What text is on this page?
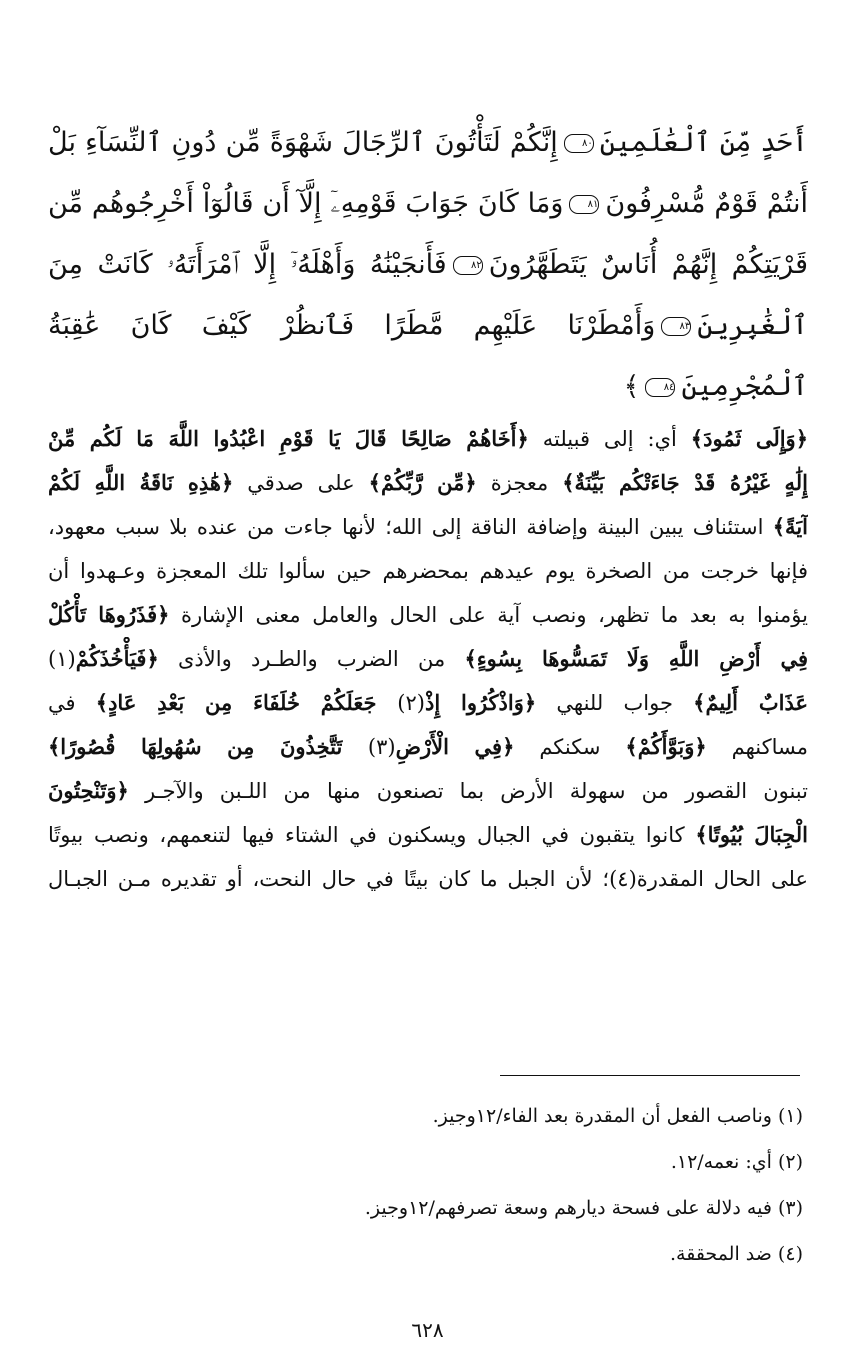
أَحَدٍ مِّنَ ٱلْعَٰلَمِينَ٨٠إِنَّكُمْ لَتَأْتُونَ ٱلرِّجَالَ شَهْوَةً مِّن دُونِ ٱلنِّسَآءِ بَلْ
أَنتُمْ قَوْمٌ مُّسْرِفُونَ٨١وَمَا كَانَ جَوَابَ قَوْمِهِۦٓ إِلَّآ أَن قَالُوٓاْ أَخْرِجُوهُم مِّن
قَرْيَتِكُمْ إِنَّهُمْ أُنَاسٌ يَتَطَهَّرُونَ٨٢فَأَنجَيْنَٰهُ وَأَهْلَهُۥٓ إِلَّا ٱمْرَأَتَهُۥ كَانَتْ مِنَ
ٱلْغَٰبِرِينَ٨٣وَأَمْطَرْنَا عَلَيْهِم مَّطَرًا فَٱنظُرْ كَيْفَ كَانَ عَٰقِبَةُ
ٱلْمُجْرِمِينَ٨٤﴾
﴿وَإِلَى ثَمُودَ﴾ أي: إلى قبيلته ﴿أَخَاهُمْ صَالِحًا قَالَ يَا قَوْمِ اعْبُدُوا اللَّهَ مَا لَكُم مِّنْ
إِلَٰهٍ غَيْرُهُ قَدْ جَاءَتْكُم بَيِّنَةٌ﴾ معجزة ﴿مِّن رَّبِّكُمْ﴾ على صدقي ﴿هَٰذِهِ نَاقَةُ اللَّهِ لَكُمْ
آيَةً﴾ استئناف يبين البينة وإضافة الناقة إلى الله؛ لأنها جاءت من عنده بلا سبب معهود،
فإنها خرجت من الصخرة يوم عيدهم بمحضرهم حين سألوا تلك المعجزة وعـهدوا أن
يؤمنوا به بعد ما تظهر، ونصب آية على الحال والعامل معنى الإشارة ﴿فَذَرُوهَا تَأْكُلْ
فِي أَرْضِ اللَّهِ وَلَا تَمَسُّوهَا بِسُوءٍ﴾ من الضرب والطـرد والأذى ﴿فَيَأْخُذَكُمْ(١)
عَذَابٌ أَلِيمٌ﴾ جواب للنهي ﴿وَاذْكُرُوا إِذْ(٢) جَعَلَكُمْ خُلَفَاءَ مِن بَعْدِ عَادٍ﴾ في
مساكنهم ﴿وَبَوَّأَكُمْ﴾ سكنكم ﴿فِي الْأَرْضِ(٣) تَتَّخِذُونَ مِن سُهُولِهَا قُصُورًا﴾
تبنون القصور من سهولة الأرض بما تصنعون منها من اللـبن والآجـر ﴿وَتَنْحِتُونَ
الْجِبَالَ بُيُوتًا﴾ كانوا يتقبون في الجبال ويسكنون في الشتاء فيها لتنعمهم، ونصب بيوتًا
على الحال المقدرة(٤)؛ لأن الجبل ما كان بيتًا في حال النحت، أو تقديره مـن الجبـال
(١) وناصب الفعل أن المقدرة بعد الفاء/١٢وجيز.
(٢) أي: نعمه/١٢.
(٣) فيه دلالة على فسحة ديارهم وسعة تصرفهم/١٢وجيز.
(٤) ضد المحققة.
٦٢٨
